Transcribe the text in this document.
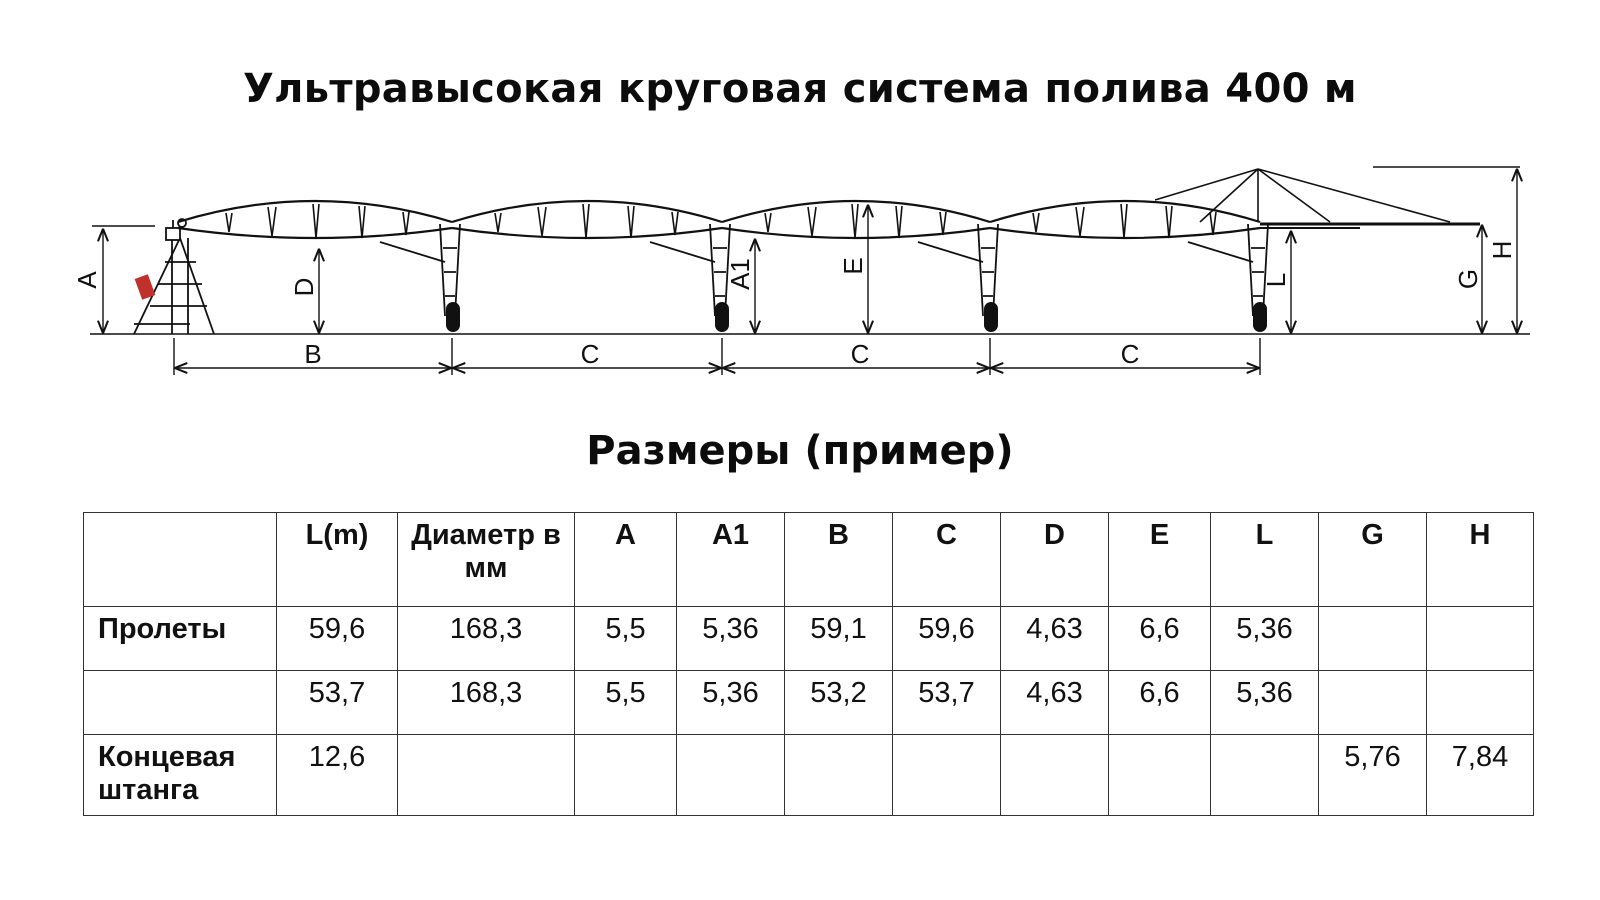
Ультравысокая круговая система полива 400 м
A	D	A1	E
L	G
H
B	C	C	C
Размеры (пример)
	L(m)	Диаметр в мм	A	A1	B	C	D	E	L	G	H
Пролеты	59,6	168,3	5,5	5,36	59,1	59,6	4,63	6,6	5,36		
	53,7	168,3	5,5	5,36	53,2	53,7	4,63	6,6	5,36		
Концевая штанга	12,6									5,76	7,84
